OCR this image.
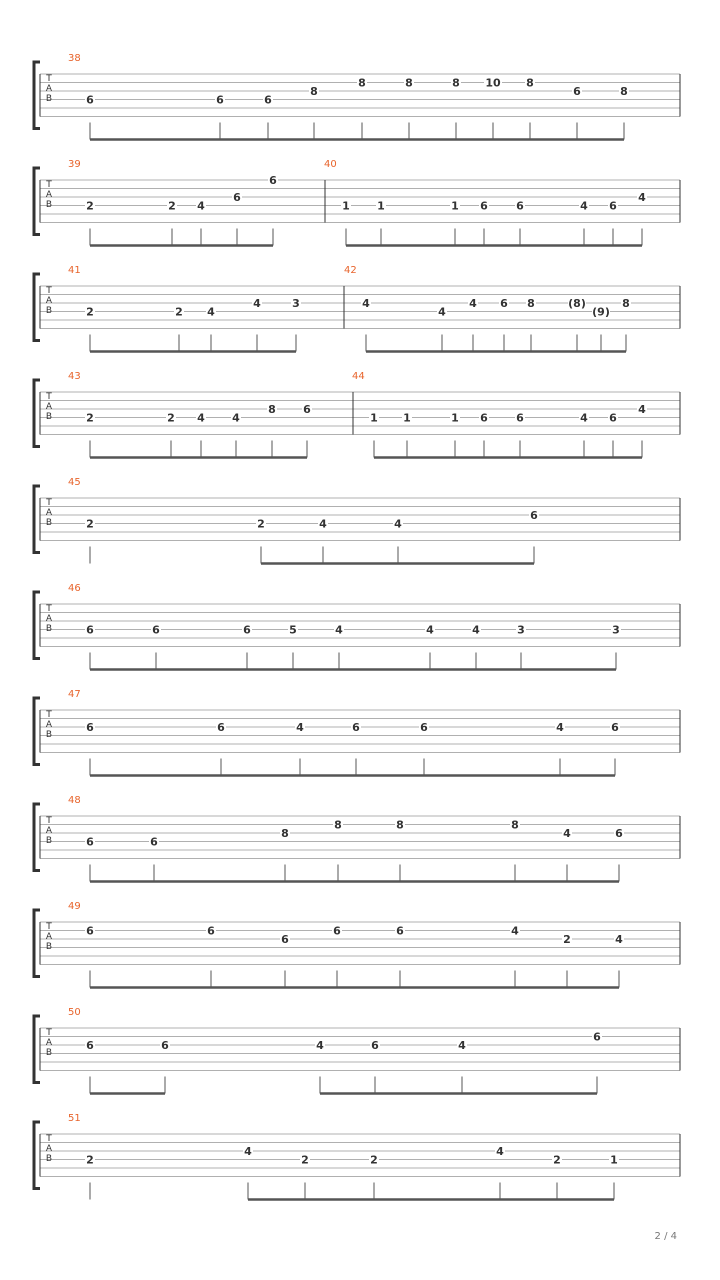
T
A
B
38
6	6	6
8
8	8	8 10 8
6	8
T
A
B
39
2	2 4
6
6
40
1 1	1 6	6	4 6
4
T
A
B
41
2	2 4
4	3
42
4
4
4 6 8	(8)
(9)
8
T
A
B
43
2	2 4 4
8 6
44
1 1	1 6	6	4 6
4
T
A
B
45
2	2	4	4
6
T
A
B
46
6	6	6	5	4	4	4	3	3
T
A
B
47
6	6	4	6	6	4	6
T
A
B
48
6	6
8
8	8	8
4	6
T
A
B
49
6	6
6
6	6	4
2	4
T
A
B
50
6	6	4	6	4
6
T
A
B
51
2
4
2	2
4
2	1
2 / 4
